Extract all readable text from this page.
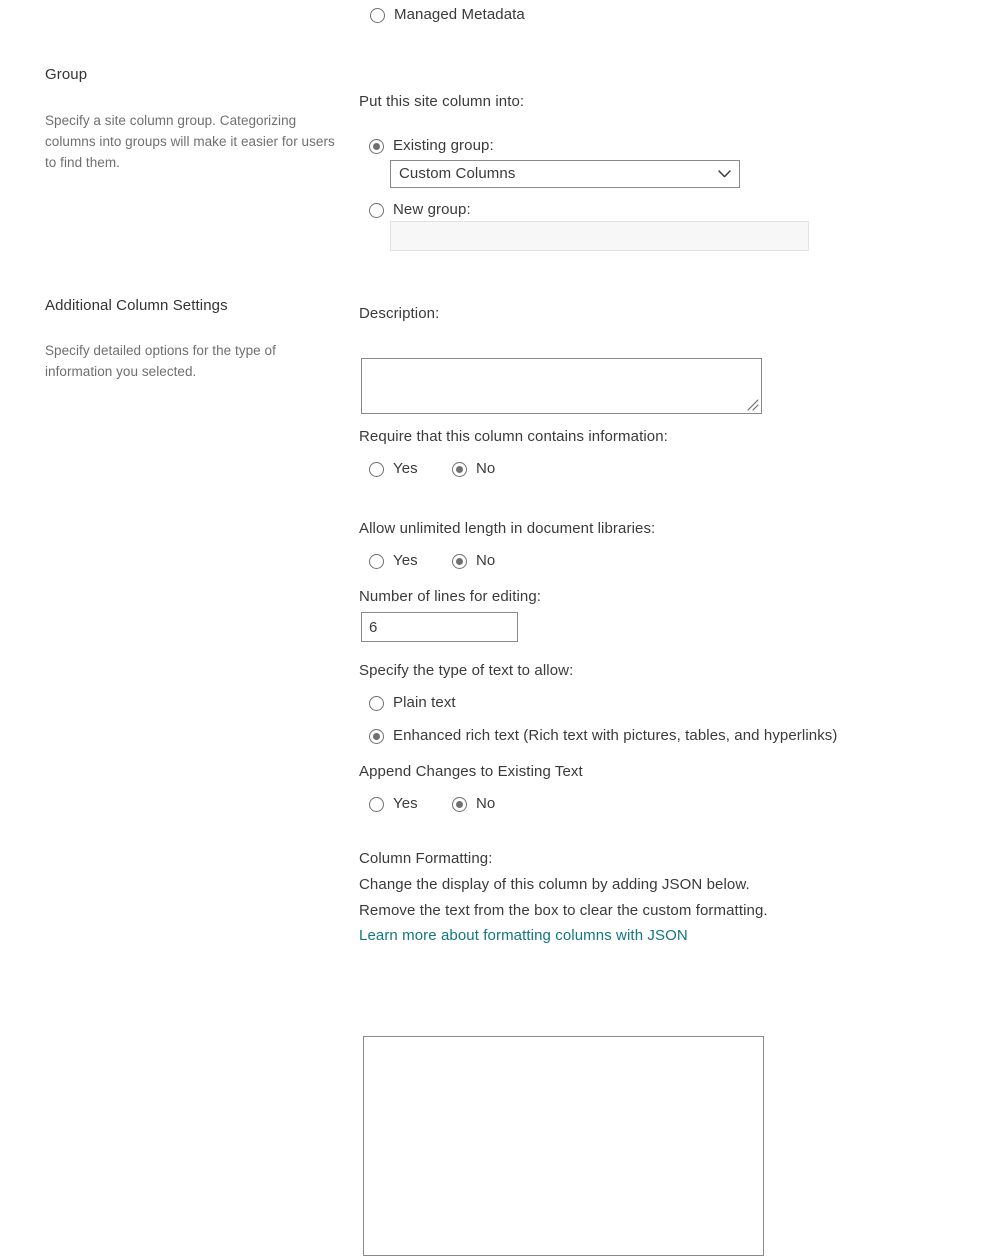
Managed Metadata
Group
Specify a site column group. Categorizing columns into groups will make it easier for users to find them.
Put this site column into:
Existing group:
Custom Columns
New group:
Additional Column Settings
Specify detailed options for the type of information you selected.
Description:
Require that this column contains information:
Yes	No
Allow unlimited length in document libraries:
Yes	No
Number of lines for editing:
6
Specify the type of text to allow:
Plain text
Enhanced rich text (Rich text with pictures, tables, and hyperlinks)
Append Changes to Existing Text
Yes	No
Column Formatting:
Change the display of this column by adding JSON below.
Remove the text from the box to clear the custom formatting.
Learn more about formatting columns with JSON
